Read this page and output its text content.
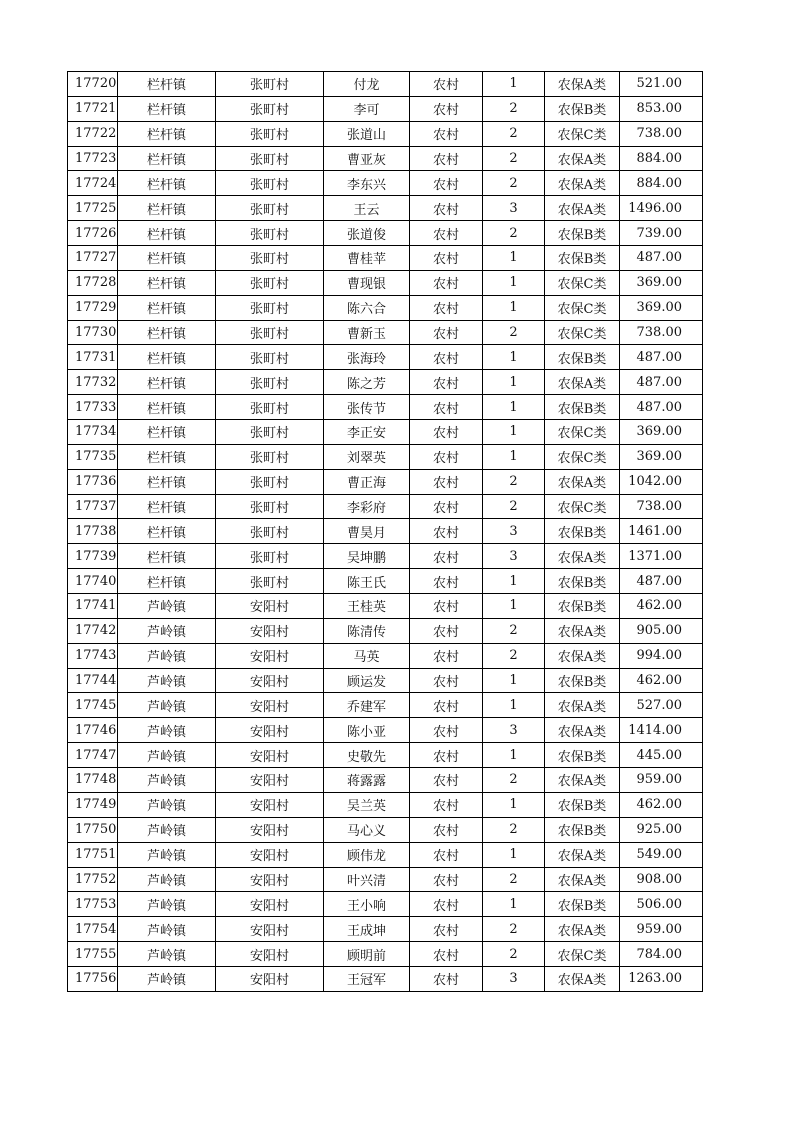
17720	栏杆镇	张町村	付龙	农村	1	农保A类	521.00
17721	栏杆镇	张町村	李可	农村	2	农保B类	853.00
17722	栏杆镇	张町村	张道山	农村	2	农保C类	738.00
17723	栏杆镇	张町村	曹亚灰	农村	2	农保A类	884.00
17724	栏杆镇	张町村	李东兴	农村	2	农保A类	884.00
17725	栏杆镇	张町村	王云	农村	3	农保A类	1496.00
17726	栏杆镇	张町村	张道俊	农村	2	农保B类	739.00
17727	栏杆镇	张町村	曹桂苹	农村	1	农保B类	487.00
17728	栏杆镇	张町村	曹现银	农村	1	农保C类	369.00
17729	栏杆镇	张町村	陈六合	农村	1	农保C类	369.00
17730	栏杆镇	张町村	曹新玉	农村	2	农保C类	738.00
17731	栏杆镇	张町村	张海玲	农村	1	农保B类	487.00
17732	栏杆镇	张町村	陈之芳	农村	1	农保A类	487.00
17733	栏杆镇	张町村	张传节	农村	1	农保B类	487.00
17734	栏杆镇	张町村	李正安	农村	1	农保C类	369.00
17735	栏杆镇	张町村	刘翠英	农村	1	农保C类	369.00
17736	栏杆镇	张町村	曹正海	农村	2	农保A类	1042.00
17737	栏杆镇	张町村	李彩府	农村	2	农保C类	738.00
17738	栏杆镇	张町村	曹昊月	农村	3	农保B类	1461.00
17739	栏杆镇	张町村	吴坤鹏	农村	3	农保A类	1371.00
17740	栏杆镇	张町村	陈王氏	农村	1	农保B类	487.00
17741	芦岭镇	安阳村	王桂英	农村	1	农保B类	462.00
17742	芦岭镇	安阳村	陈清传	农村	2	农保A类	905.00
17743	芦岭镇	安阳村	马英	农村	2	农保A类	994.00
17744	芦岭镇	安阳村	顾运发	农村	1	农保B类	462.00
17745	芦岭镇	安阳村	乔建军	农村	1	农保A类	527.00
17746	芦岭镇	安阳村	陈小亚	农村	3	农保A类	1414.00
17747	芦岭镇	安阳村	史敬先	农村	1	农保B类	445.00
17748	芦岭镇	安阳村	蒋露露	农村	2	农保A类	959.00
17749	芦岭镇	安阳村	吴兰英	农村	1	农保B类	462.00
17750	芦岭镇	安阳村	马心义	农村	2	农保B类	925.00
17751	芦岭镇	安阳村	顾伟龙	农村	1	农保A类	549.00
17752	芦岭镇	安阳村	叶兴清	农村	2	农保A类	908.00
17753	芦岭镇	安阳村	王小响	农村	1	农保B类	506.00
17754	芦岭镇	安阳村	王成坤	农村	2	农保A类	959.00
17755	芦岭镇	安阳村	顾明前	农村	2	农保C类	784.00
17756	芦岭镇	安阳村	王冠军	农村	3	农保A类	1263.00
